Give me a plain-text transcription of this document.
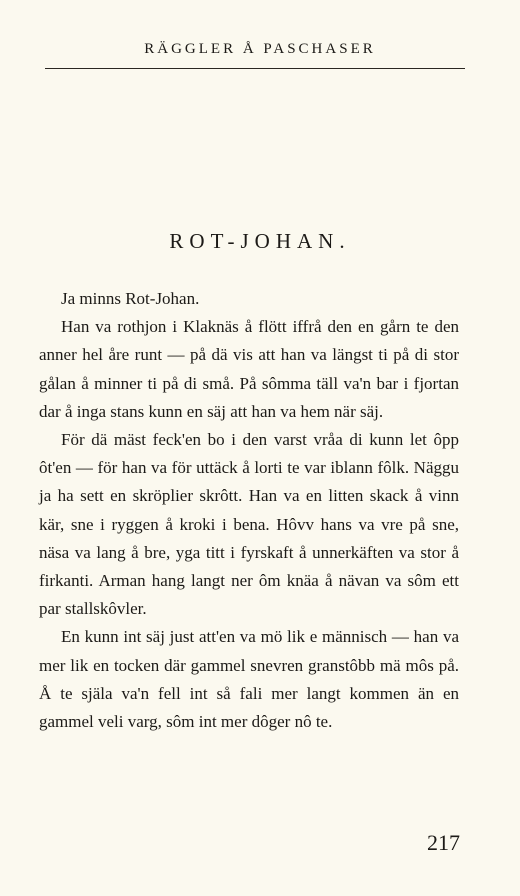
RÄGGLER Å PASCHASER
ROT-JOHAN.

Ja minns Rot-Johan.

Han va rothjon i Klaknäs å flött iffrå den en gårn te den anner hel åre runt — på dä vis att han va längst ti på di stor gålan å minner ti på di små. På sômma täll va'n bar i fjortan dar å inga stans kunn en säj att han va hem när säj.

För dä mäst feck'en bo i den varst vråa di kunn let ôpp ôt'en — för han va för uttäck å lorti te var iblann fôlk. Näggu ja ha sett en skröplier skrôtt. Han va en litten skack å vinn kär, sne i ryggen å kroki i bena. Hôvv hans va vre på sne, näsa va lang å bre, yga titt i fyrskaft å unnerkäften va stor å firkanti. Arman hang langt ner ôm knäa å nävan va sôm ett par stallskôvler.

En kunn int säj just att'en va mö lik e männisch — han va mer lik en tocken där gammel snevren granstôbb mä môs på. Å te själa va'n fell int så fali mer langt kommen än en gammel veli varg, sôm int mer dôger nô te.

217
